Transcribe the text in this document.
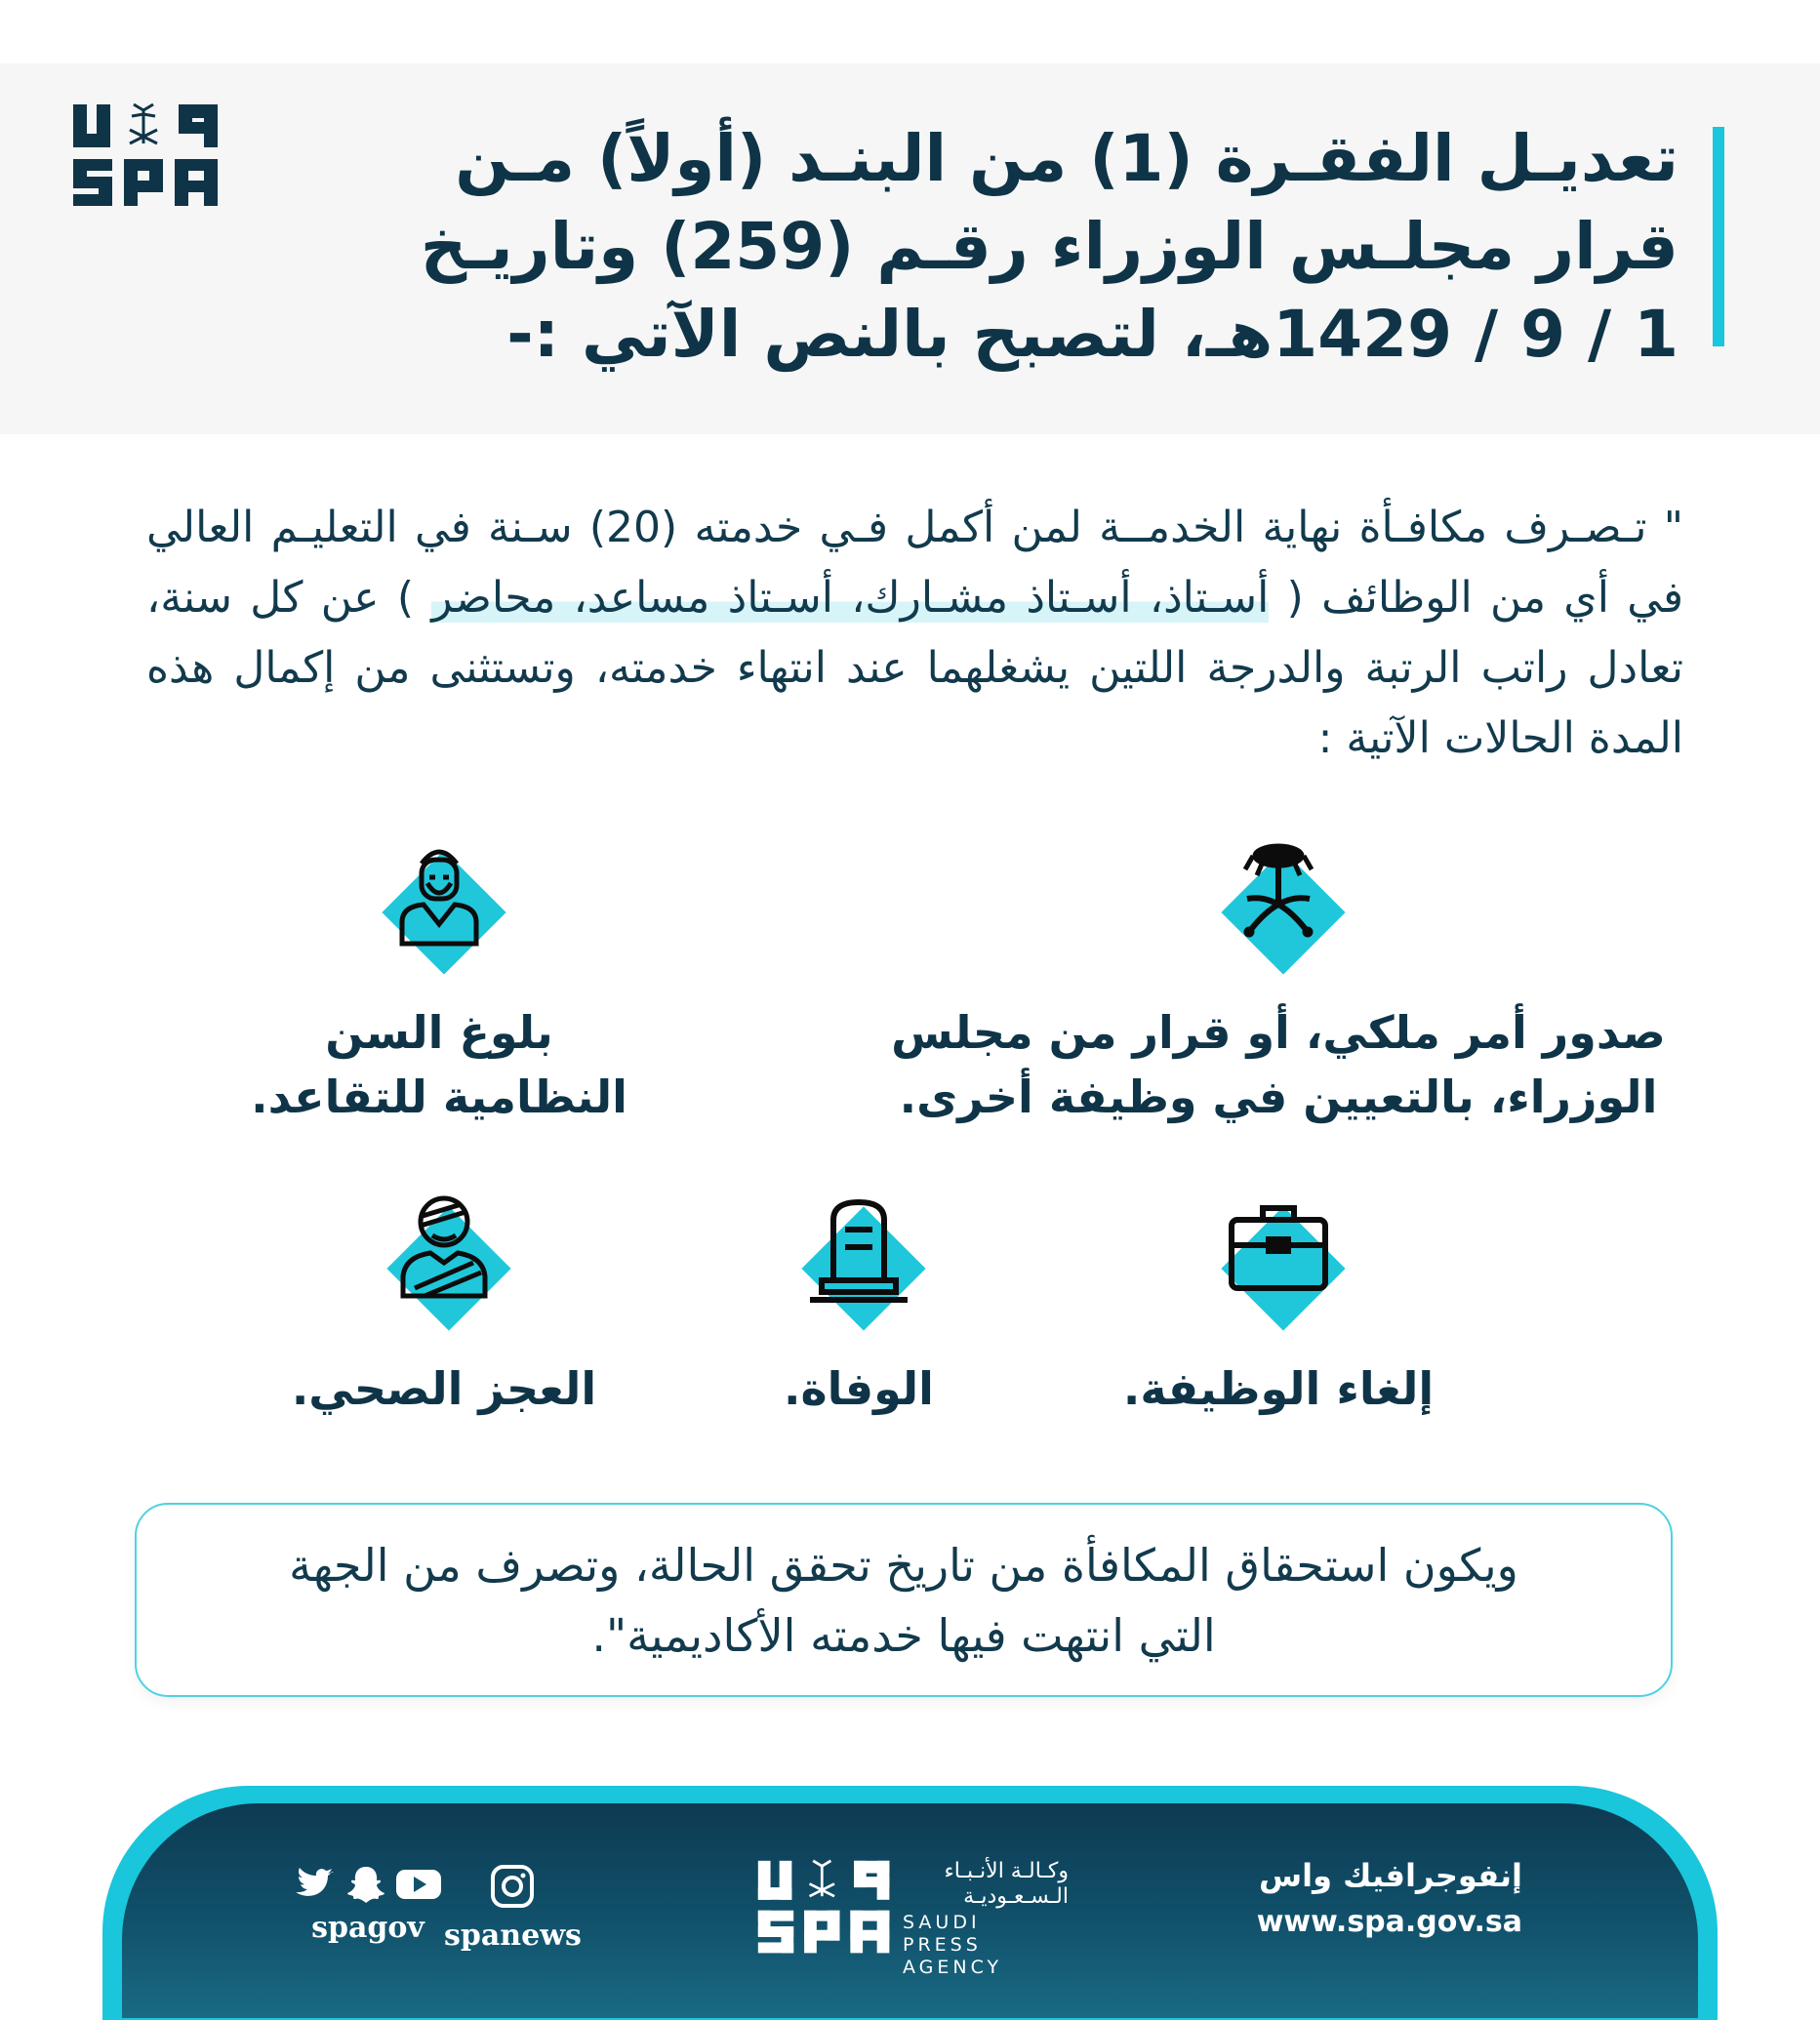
تعديـل الفقـرة (1) من البنـد (أولاً) مـن قرار مجلـس الوزراء رقـم (259) وتاريـخ 1 / 9 / 1429هـ، لتصبح بالنص الآتي :-

" تـصـرف مكافـأة نهاية الخدمــة لمن أكمل فـي خدمته (20) سـنة في التعليـم العالي في أي من الوظائف ( أسـتاذ، أسـتاذ مشـارك، أسـتاذ مساعد، محاضر ) عن كل سنة، تعادل راتب الرتبة والدرجة اللتين يشغلهما عند انتهاء خدمته، وتستثنى من إكمال هذه المدة الحالات الآتية :

صدور أمر ملكي، أو قرار من مجلس
الوزراء، بالتعيين في وظيفة أخرى.
بلوغ السن
النظامية للتقاعد.
إلغاء الوظيفة.
الوفاة.
العجز الصحي.

ويكون استحقاق المكافأة من تاريخ تحقق الحالة، وتصرف من الجهة التي انتهت فيها خدمته الأكاديمية".

إنفوجرافيك واس
www.spa.gov.sa
وكـالـة الأنـبـاء
الـسـعـوديـة
SAUDI PRESS
AGENCY
spanews
spagov
